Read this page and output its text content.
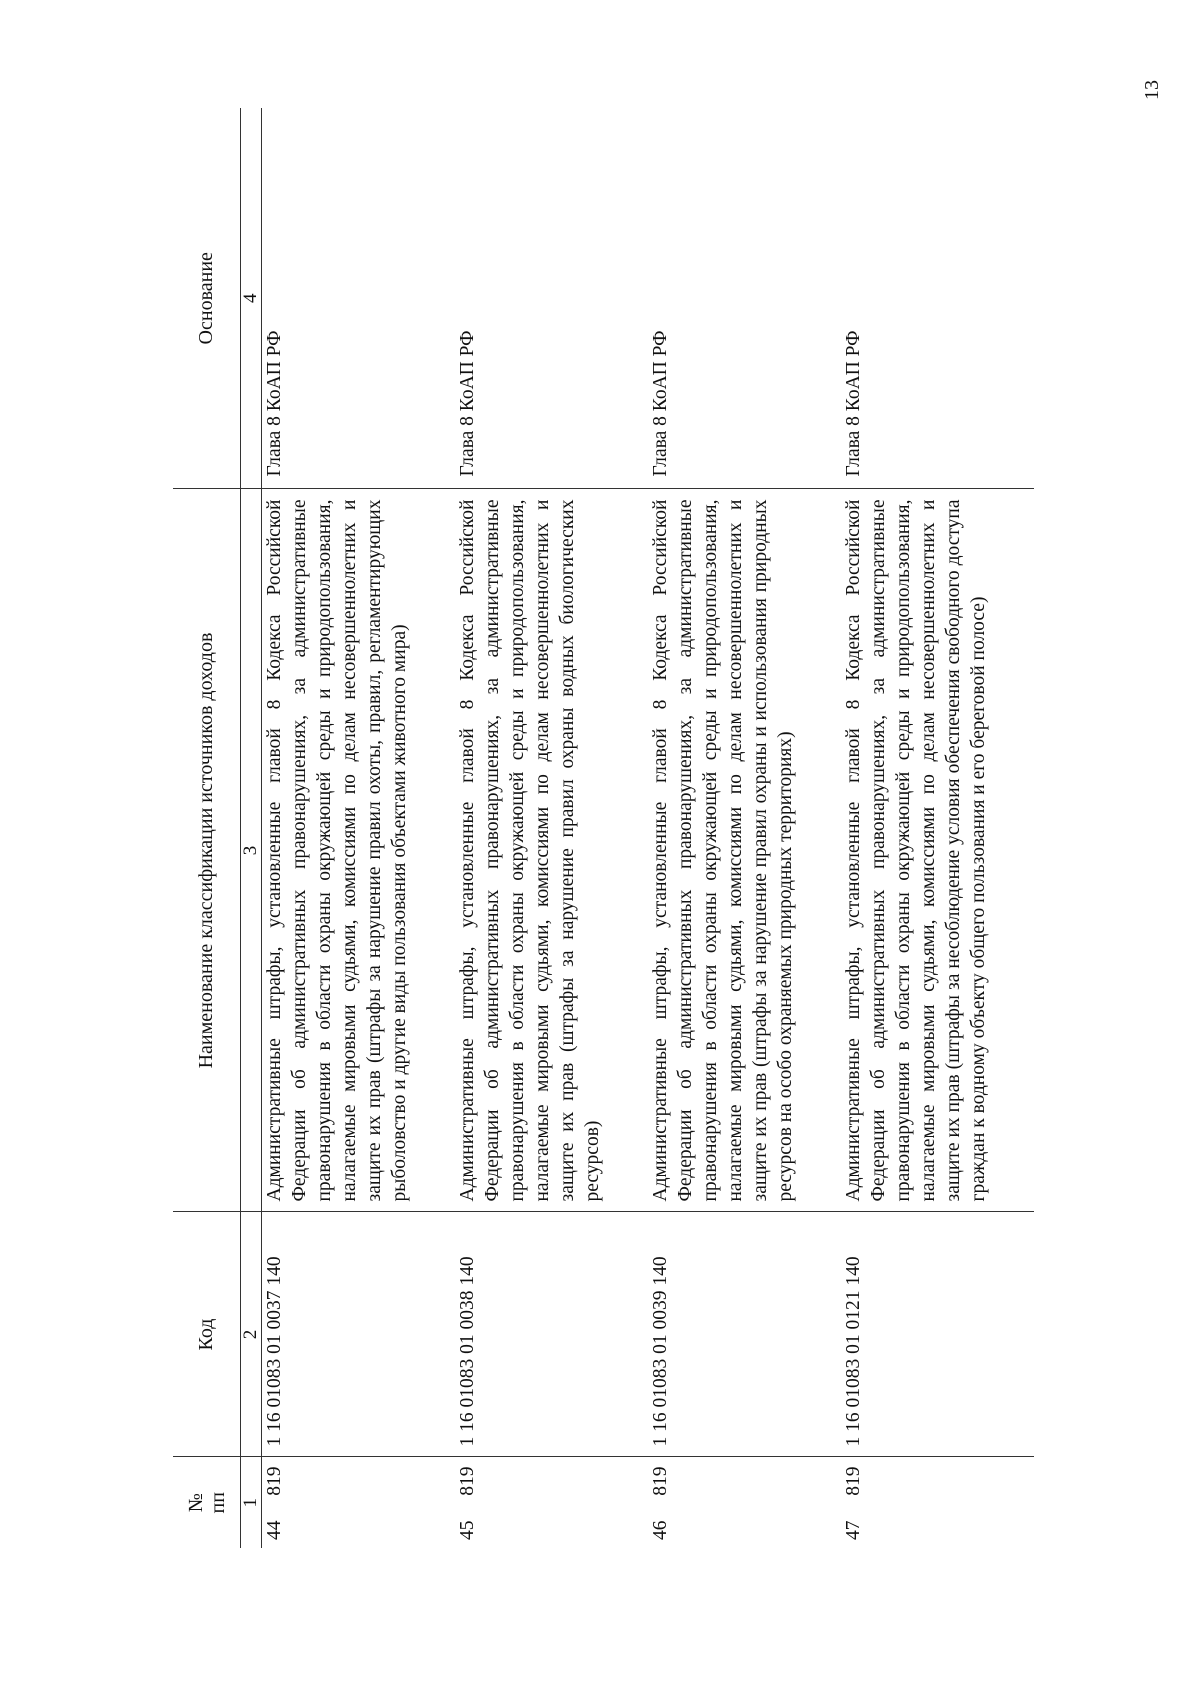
13
№
пп	Код	Наименование классификации источников доходов	Основание
1	2	3	4

44
819	1 16 01083 01 0037 140	Административные штрафы, установленные главой 8 Кодекса Российской Федерации об административных правонарушениях, за административные правонарушения в области охраны окружающей среды и природопользования, налагаемые мировыми судьями, комиссиями по делам несовершеннолетних и защите их прав (штрафы за нарушение правил охоты, правил, регламентирующих рыболовство и другие виды пользования объектами животного мира)	Глава 8 КоАП РФ

45
819	1 16 01083 01 0038 140	Административные штрафы, установленные главой 8 Кодекса Российской Федерации об административных правонарушениях, за административные правонарушения в области охраны окружающей среды и природопользования, налагаемые мировыми судьями, комиссиями по делам несовершеннолетних и защите их прав (штрафы за нарушение правил охраны водных биологических ресурсов)	Глава 8 КоАП РФ

46
819	1 16 01083 01 0039 140	Административные штрафы, установленные главой 8 Кодекса Российской Федерации об административных правонарушениях, за административные правонарушения в области охраны окружающей среды и природопользования, налагаемые мировыми судьями, комиссиями по делам несовершеннолетних и защите их прав (штрафы за нарушение правил охраны и использования природных ресурсов на особо охраняемых природных территориях)	Глава 8 КоАП РФ

47
819	1 16 01083 01 0121 140	Административные штрафы, установленные главой 8 Кодекса Российской Федерации об административных правонарушениях, за административные правонарушения в области охраны окружающей среды и природопользования, налагаемые мировыми судьями, комиссиями по делам несовершеннолетних и защите их прав (штрафы за несоблюдение условия обеспечения свободного доступа граждан к водному объекту общего пользования и его береговой полосе)	Глава 8 КоАП РФ
